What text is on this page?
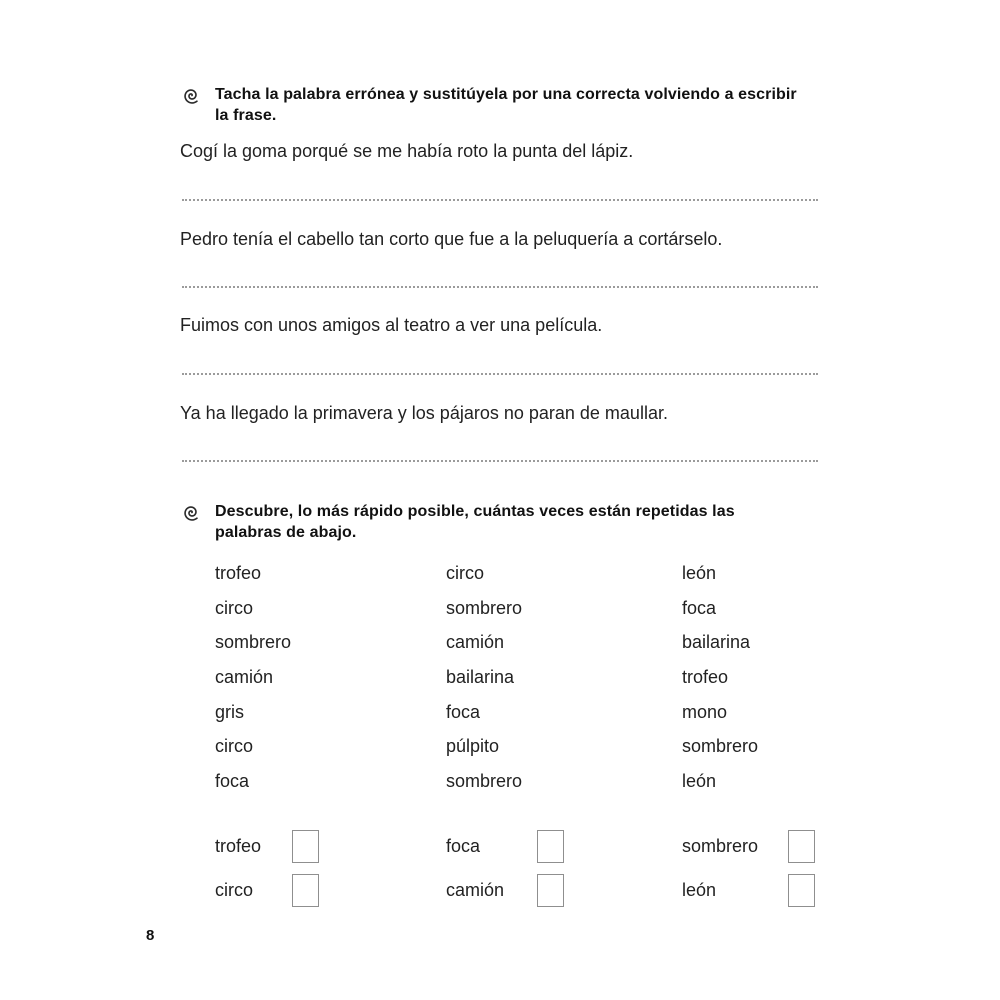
Tacha la palabra errónea y sustitúyela por una correcta volviendo a escribir la frase.
Cogí la goma porqué se me había roto la punta del lápiz.
Pedro tenía el cabello tan corto que fue a la peluquería a cortárselo.
Fuimos con unos amigos al teatro a ver una película.
Ya ha llegado la primavera y los pájaros no paran de maullar.
Descubre, lo más rápido posible, cuántas veces están repetidas las palabras de abajo.
trofeo	circo	león
circo	sombrero	foca
sombrero	camión	bailarina
camión	bailarina	trofeo
gris	foca	mono
circo	púlpito	sombrero
foca	sombrero	león
trofeo	foca	sombrero
circo	camión	león
8
